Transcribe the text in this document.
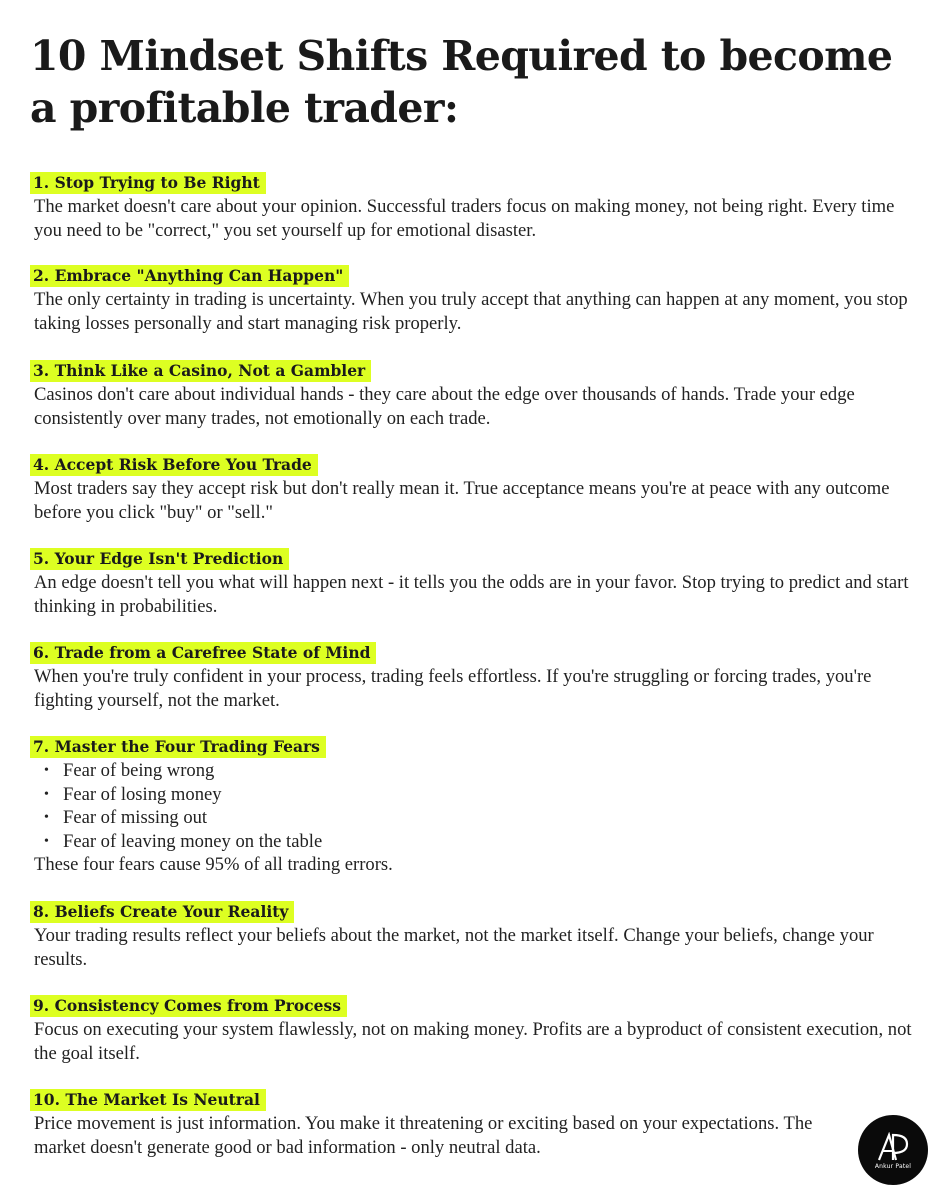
10 Mindset Shifts Required to become a profitable trader:
1. Stop Trying to Be Right

The market doesn't care about your opinion. Successful traders focus on making money, not being right. Every time you need to be "correct," you set yourself up for emotional disaster.

2. Embrace "Anything Can Happen"

The only certainty in trading is uncertainty. When you truly accept that anything can happen at any moment, you stop taking losses personally and start managing risk properly.

3. Think Like a Casino, Not a Gambler

Casinos don't care about individual hands - they care about the edge over thousands of hands. Trade your edge consistently over many trades, not emotionally on each trade.

4. Accept Risk Before You Trade

Most traders say they accept risk but don't really mean it. True acceptance means you're at peace with any outcome before you click "buy" or "sell."

5. Your Edge Isn't Prediction

An edge doesn't tell you what will happen next - it tells you the odds are in your favor. Stop trying to predict and start thinking in probabilities.

6. Trade from a Carefree State of Mind

When you're truly confident in your process, trading feels effortless. If you're struggling or forcing trades, you're fighting yourself, not the market.

7. Master the Four Trading Fears
• Fear of being wrong
• Fear of losing money
• Fear of missing out
• Fear of leaving money on the table

These four fears cause 95% of all trading errors.

8. Beliefs Create Your Reality

Your trading results reflect your beliefs about the market, not the market itself. Change your beliefs, change your results.

9. Consistency Comes from Process

Focus on executing your system flawlessly, not on making money. Profits are a byproduct of consistent execution, not the goal itself.

10. The Market Is Neutral

Price movement is just information. You make it threatening or exciting based on your expectations. The market doesn't generate good or bad information - only neutral data.

Ankur Patel
